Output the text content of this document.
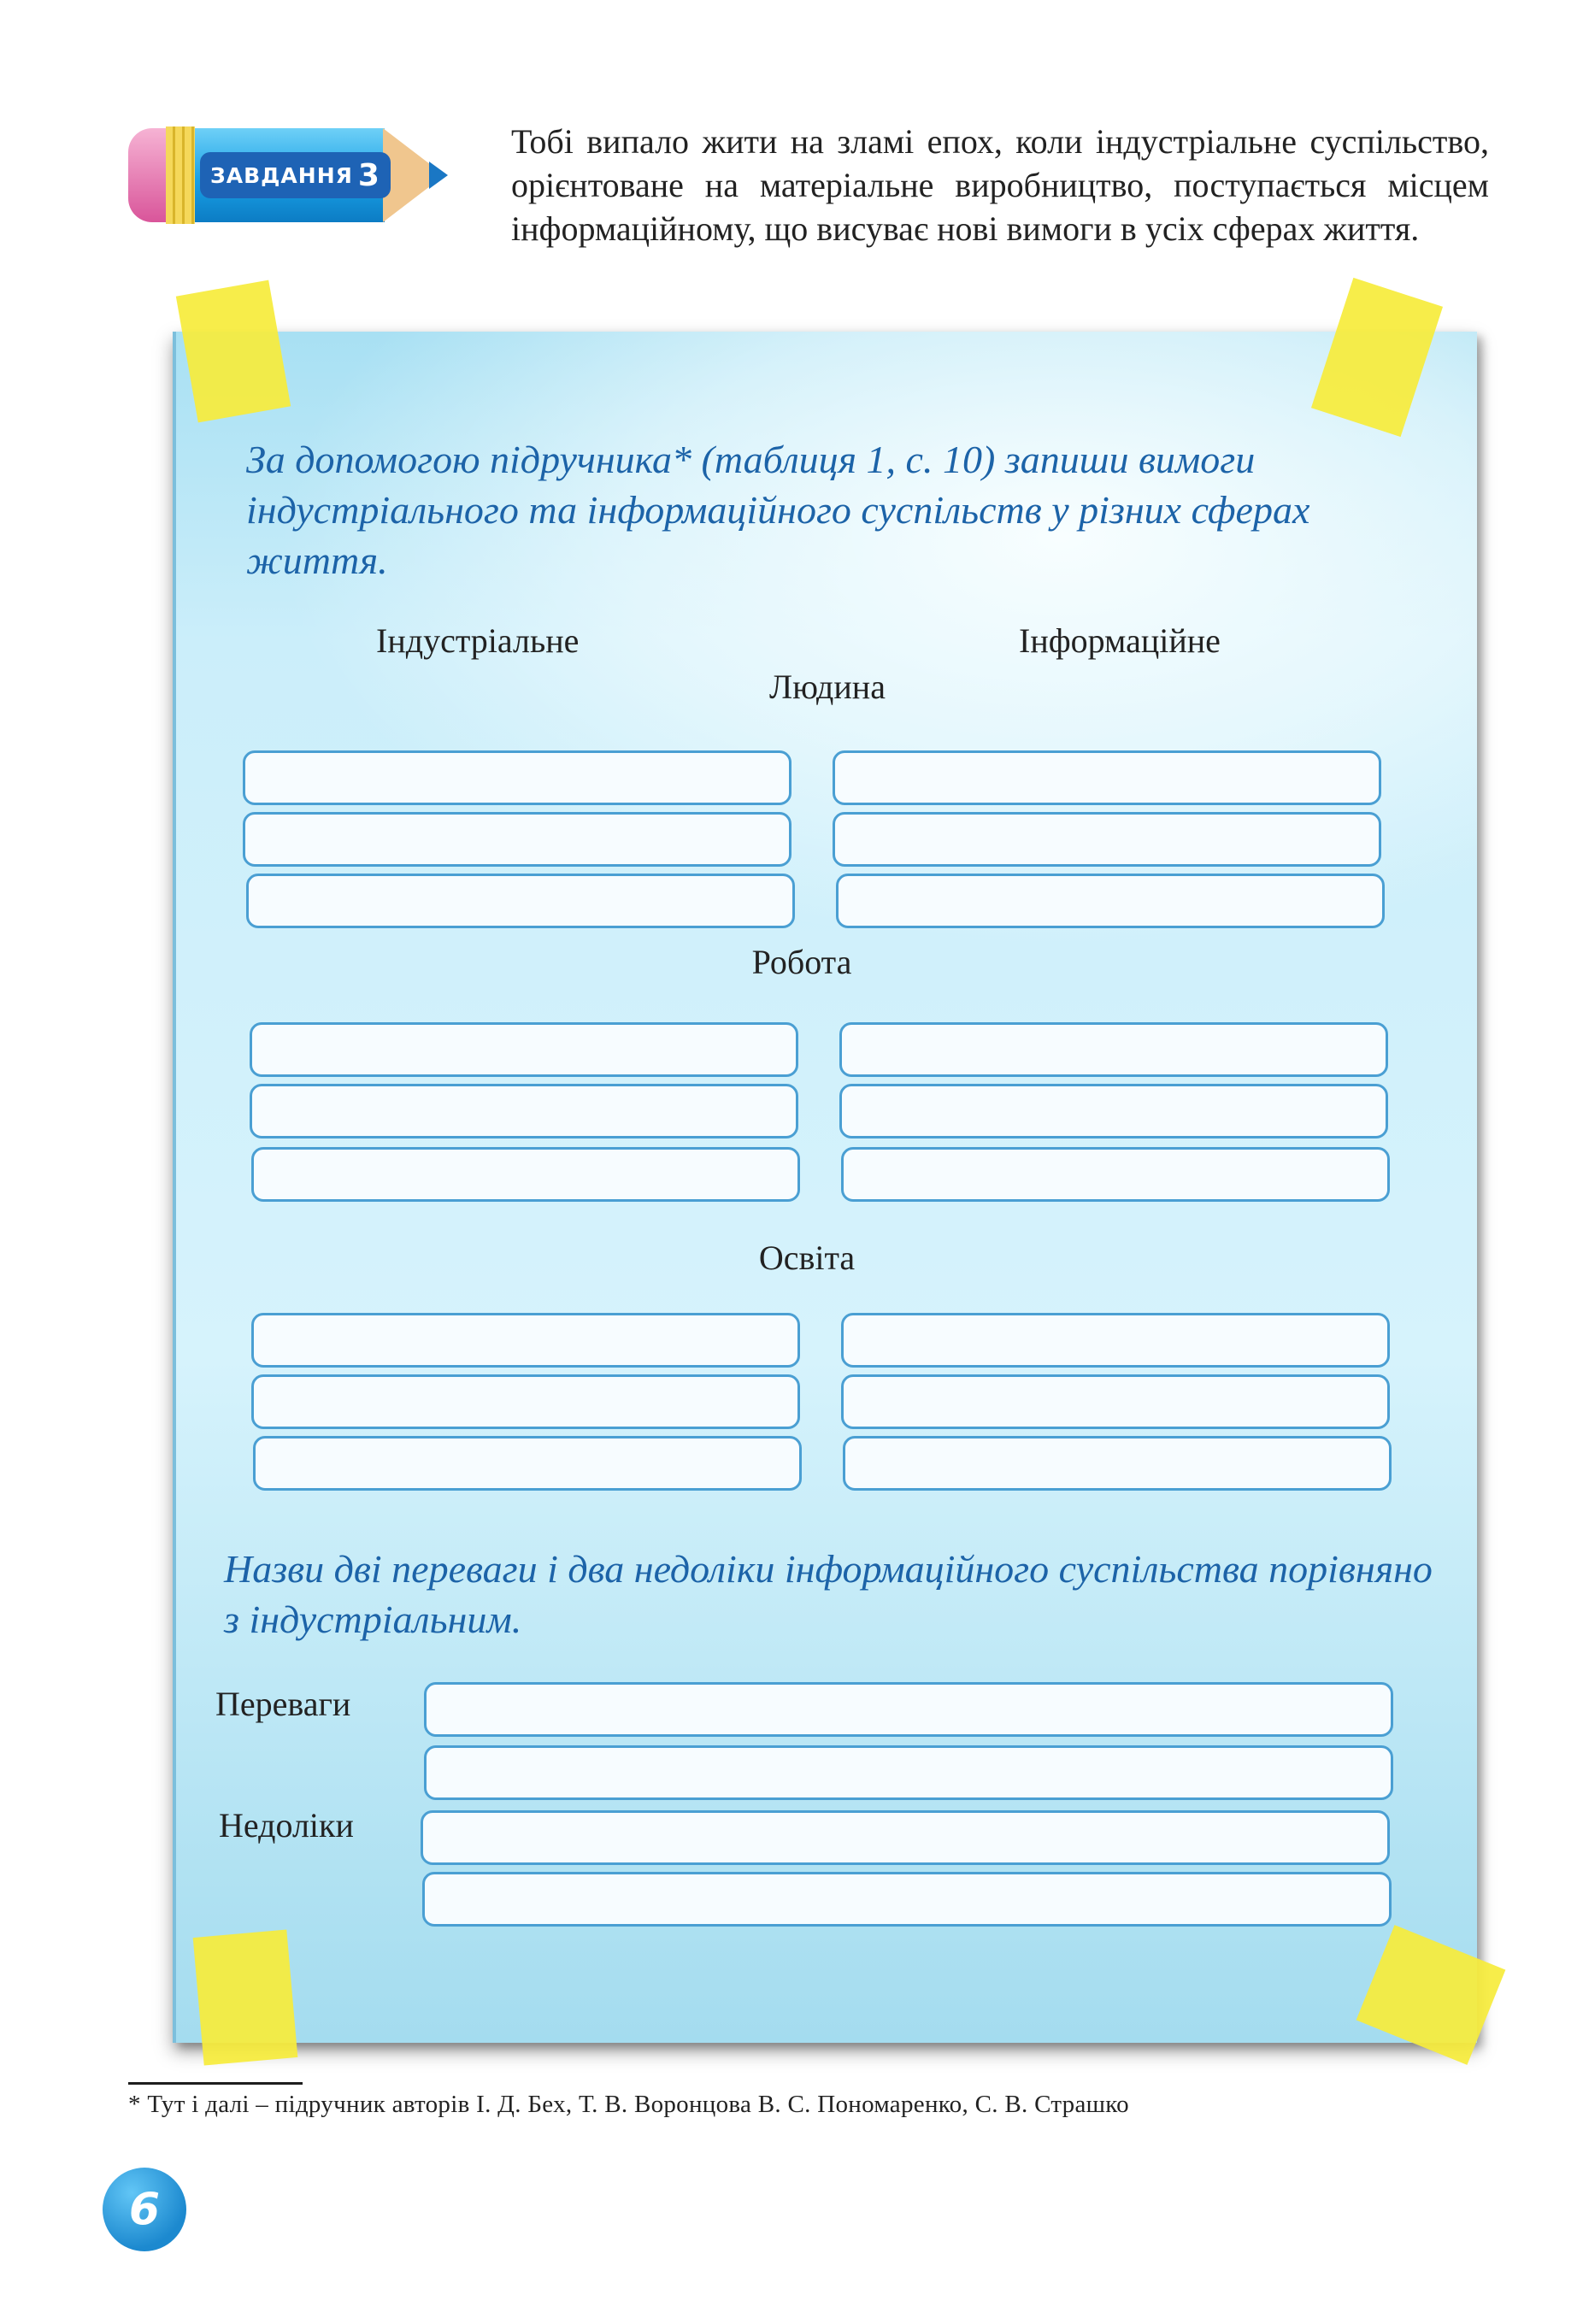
ЗАВДАННЯ 3
Тобі випало жити на зламі епох, коли індустріальне суспільство, орієнтоване на матеріальне виробництво, поступається місцем інформаційному, що висуває нові вимоги в усіх сферах життя.
За допомогою підручника* (таблиця 1, с. 10) запиши вимоги індустріального та інформаційного суспільств у різних сферах життя.
Індустріальне	Інформаційне
Людина
Робота
Освіта
Назви дві переваги і два недоліки інформаційного суспільства порівняно з індустріальним.
Переваги
Недоліки
* Тут і далі – підручник авторів І. Д. Бех, Т. В. Воронцова В. С. Пономаренко, С. В. Страшко
6
